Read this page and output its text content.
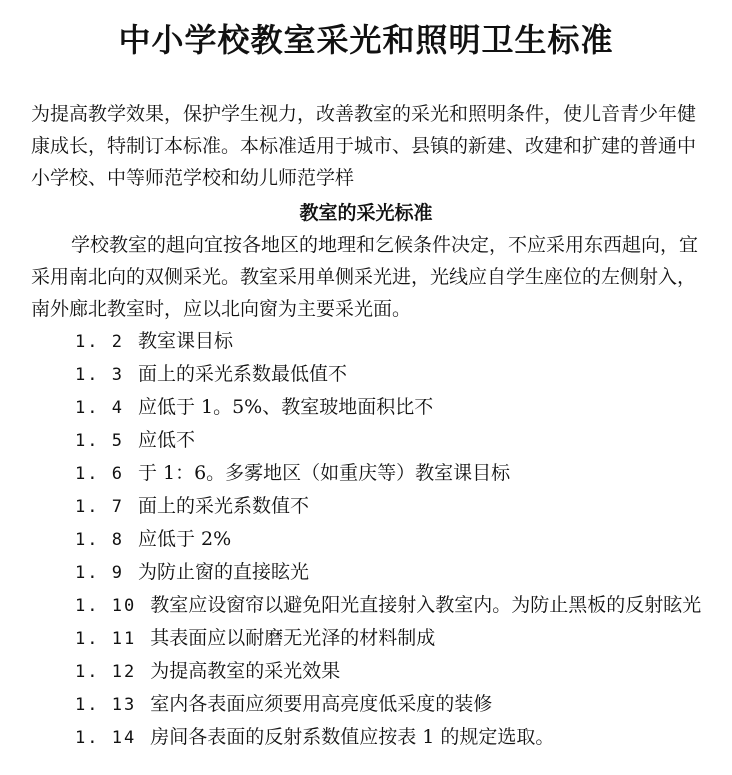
中小学校教室采光和照明卫生标准

为提高教学效果，保护学生视力，改善教室的采光和照明条件，使儿音青少年健康成长，特制订本标准。本标准适用于城市、县镇的新建、改建和扩建的普通中小学校、中等师范学校和幼儿师范学样

教室的采光标准

学校教室的趄向宜按各地区的地理和乞候条件决定，不应采用东西趄向，宜采用南北向的双侧采光。教室采用单侧采光进，光线应自学生座位的左侧射入，南外廊北教室时，应以北向窗为主要采光面。

1. 2 教室课目标
1. 3 面上的采光系数最低值不
1. 4 应低于 1。5%、教室玻地面积比不
1. 5 应低不
1. 6 于 1：6。多雾地区（如重庆等）教室课目标
1. 7 面上的采光系数值不
1. 8 应低于 2%
1. 9 为防止窗的直接眩光
1. 10 教室应设窗帘以避免阳光直接射入教室内。为防止黑板的反射眩光
1. 11 其表面应以耐磨无光泽的材料制成
1. 12 为提高教室的采光效果
1. 13 室内各表面应须要用高亮度低采度的装修
1. 14 房间各表面的反射系数值应按表 1 的规定选取。
